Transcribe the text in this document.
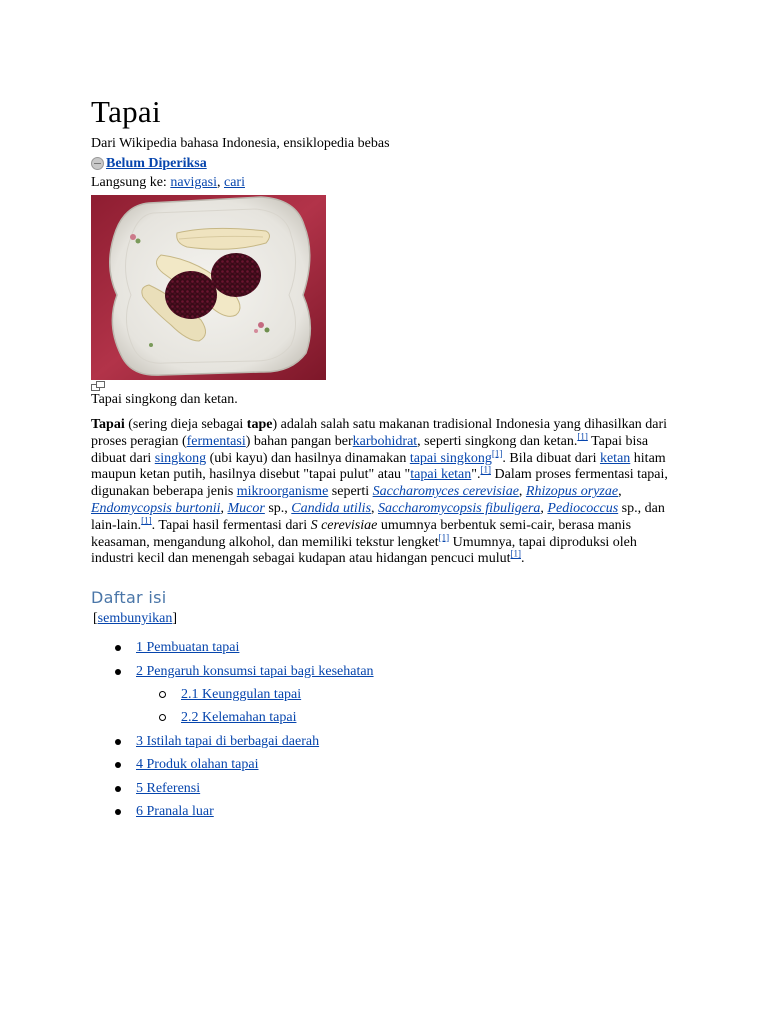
Tapai
Dari Wikipedia bahasa Indonesia, ensiklopedia bebas
Belum Diperiksa
Langsung ke: navigasi, cari
Tapai singkong dan ketan.

Tapai (sering dieja sebagai tape) adalah salah satu makanan tradisional Indonesia yang dihasilkan dari proses peragian (fermentasi) bahan pangan berkarbohidrat, seperti singkong dan ketan.[1] Tapai bisa dibuat dari singkong (ubi kayu) dan hasilnya dinamakan tapai singkong[1]. Bila dibuat dari ketan hitam maupun ketan putih, hasilnya disebut "tapai pulut" atau "tapai ketan".[1] Dalam proses fermentasi tapai, digunakan beberapa jenis mikroorganisme seperti Saccharomyces cerevisiae, Rhizopus oryzae, Endomycopsis burtonii, Mucor sp., Candida utilis, Saccharomycopsis fibuligera, Pediococcus sp., dan lain-lain.[1]. Tapai hasil fermentasi dari S cerevisiae umumnya berbentuk semi-cair, berasa manis keasaman, mengandung alkohol, dan memiliki tekstur lengket[1] Umumnya, tapai diproduksi oleh industri kecil dan menengah sebagai kudapan atau hidangan pencuci mulut[1].

Daftar isi
[sembunyikan]
1 Pembuatan tapai
2 Pengaruh konsumsi tapai bagi kesehatan
2.1 Keunggulan tapai
2.2 Kelemahan tapai
3 Istilah tapai di berbagai daerah
4 Produk olahan tapai
5 Referensi
6 Pranala luar
